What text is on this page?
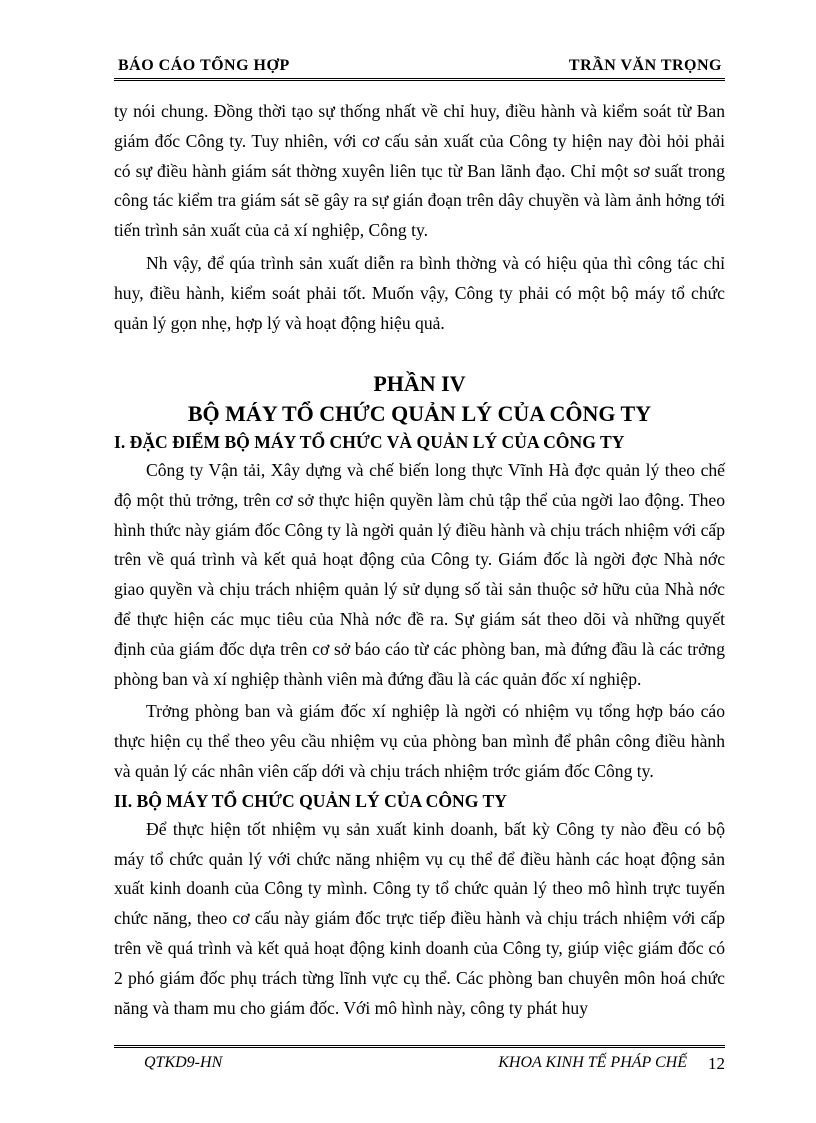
BÁO CÁO TỔNG HỢP	TRẦN VĂN TRỌNG

ty nói chung. Đồng thời tạo sự thống nhất về chỉ huy, điều hành và kiểm soát từ Ban giám đốc Công ty. Tuy nhiên, với cơ cấu sản xuất của Công ty hiện nay đòi hỏi phải có sự điều hành giám sát thờng xuyên liên tục từ Ban lãnh đạo. Chỉ một sơ suất trong công tác kiểm tra giám sát sẽ gây ra sự gián đoạn trên dây chuyền và làm ảnh hởng tới tiến trình sản xuất của cả xí nghiệp, Công ty.

Nh vậy, để qúa trình sản xuất diễn ra bình thờng và có hiệu qủa thì công tác chỉ huy, điều hành, kiểm soát phải tốt. Muốn vậy, Công ty phải có một bộ máy tổ chức quản lý gọn nhẹ, hợp lý và hoạt động hiệu quả.

PHẦN IV
BỘ MÁY TỔ CHỨC QUẢN LÝ CỦA CÔNG TY

I. ĐẶC ĐIỂM BỘ MÁY TỔ CHỨC VÀ QUẢN LÝ CỦA CÔNG TY

Công ty Vận tải, Xây dựng và chế biến long thực Vĩnh Hà đợc quản lý theo chế độ một thủ trởng, trên cơ sở thực hiện quyền làm chủ tập thể của ngời lao động. Theo hình thức này giám đốc Công ty là ngời quản lý điều hành và chịu trách nhiệm với cấp trên về quá trình và kết quả hoạt động của Công ty. Giám đốc là ngời đợc Nhà nớc giao quyền và chịu trách nhiệm quản lý sử dụng số tài sản thuộc sở hữu của Nhà nớc để thực hiện các mục tiêu của Nhà nớc đề ra. Sự giám sát theo dõi và những quyết định của giám đốc dựa trên cơ sở báo cáo từ các phòng ban, mà đứng đầu là các trởng phòng ban và xí nghiệp thành viên mà đứng đầu là các quản đốc xí nghiệp.

Trởng phòng ban và giám đốc xí nghiệp là ngời có nhiệm vụ tổng hợp báo cáo thực hiện cụ thể theo yêu cầu nhiệm vụ của phòng ban mình để phân công điều hành và quản lý các nhân viên cấp dới và chịu trách nhiệm trớc giám đốc Công ty.

II. BỘ MÁY TỔ CHỨC QUẢN LÝ CỦA CÔNG TY

Để thực hiện tốt nhiệm vụ sản xuất kinh doanh, bất kỳ Công ty nào đều có bộ máy tổ chức quản lý với chức năng nhiệm vụ cụ thể để điều hành các hoạt động sản xuất kinh doanh của Công ty mình. Công ty tổ chức quản lý theo mô hình trực tuyến chức năng, theo cơ cấu này giám đốc trực tiếp điều hành và chịu trách nhiệm với cấp trên về quá trình và kết quả hoạt động kinh doanh của Công ty, giúp việc giám đốc có 2 phó giám đốc phụ trách từng lĩnh vực cụ thể. Các phòng ban chuyên môn hoá chức năng và tham mu cho giám đốc. Với mô hình này, công ty phát huy

QTKD9-HN	KHOA KINH TẾ PHÁP CHẾ 12
